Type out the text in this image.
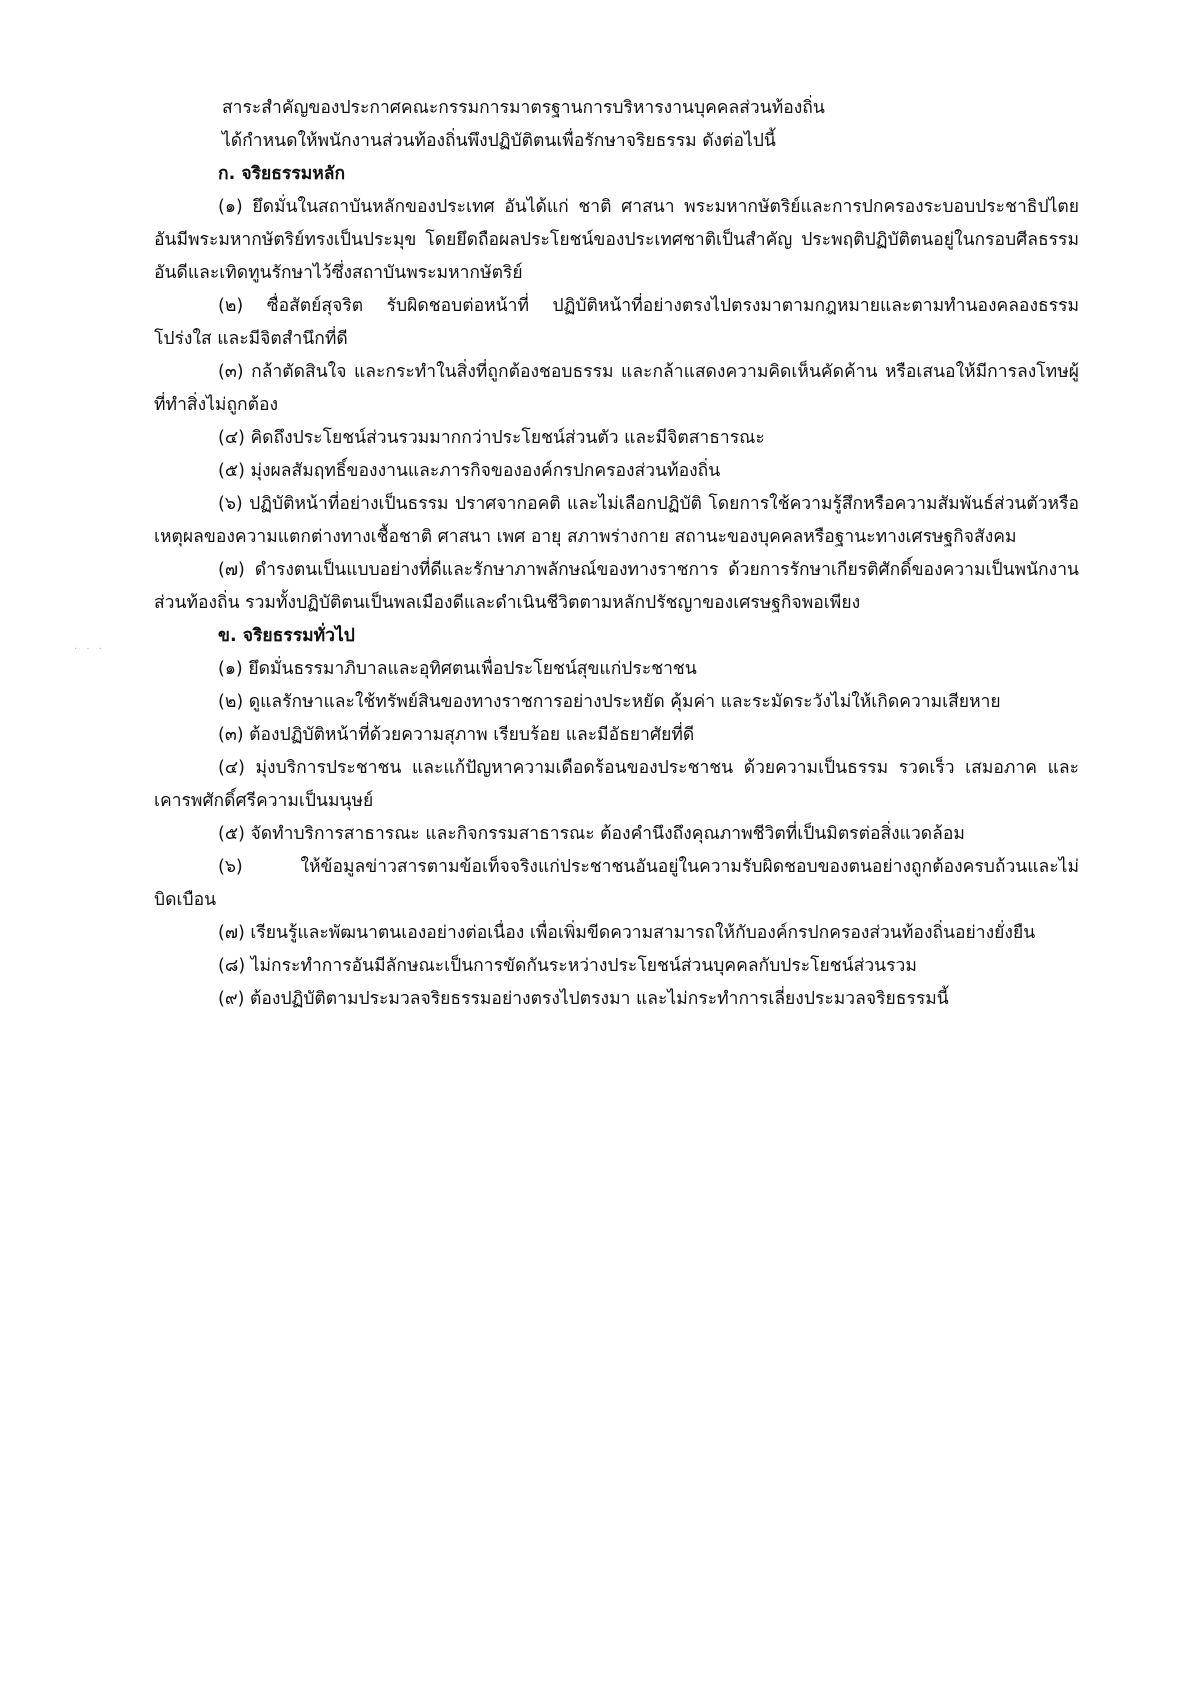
· · ·

สาระสำคัญของประกาศคณะกรรมการมาตรฐานการบริหารงานบุคคลส่วนท้องถิ่น

ได้กำหนดให้พนักงานส่วนท้องถิ่นพึงปฏิบัติตนเพื่อรักษาจริยธรรม ดังต่อไปนี้

ก. จริยธรรมหลัก

(๑) ยึดมั่นในสถาบันหลักของประเทศ อันได้แก่ ชาติ ศาสนา พระมหากษัตริย์และการปกครองระบอบประชาธิปไตยอันมีพระมหากษัตริย์ทรงเป็นประมุข โดยยึดถือผลประโยชน์ของประเทศชาติเป็นสำคัญ ประพฤติปฏิบัติตนอยู่ในกรอบศีลธรรมอันดีและเทิดทูนรักษาไว้ซึ่งสถาบันพระมหากษัตริย์

(๒) ซื่อสัตย์สุจริต รับผิดชอบต่อหน้าที่ ปฏิบัติหน้าที่อย่างตรงไปตรงมาตามกฎหมายและตามทำนองคลองธรรม โปร่งใส และมีจิตสำนึกที่ดี

(๓) กล้าตัดสินใจ และกระทำในสิ่งที่ถูกต้องชอบธรรม และกล้าแสดงความคิดเห็นคัดค้าน หรือเสนอให้มีการลงโทษผู้ที่ทำสิ่งไม่ถูกต้อง

(๔) คิดถึงประโยชน์ส่วนรวมมากกว่าประโยชน์ส่วนตัว และมีจิตสาธารณะ

(๕) มุ่งผลสัมฤทธิ์ของงานและภารกิจขององค์กรปกครองส่วนท้องถิ่น

(๖) ปฏิบัติหน้าที่อย่างเป็นธรรม ปราศจากอคติ และไม่เลือกปฏิบัติ โดยการใช้ความรู้สึกหรือความสัมพันธ์ส่วนตัวหรือเหตุผลของความแตกต่างทางเชื้อชาติ ศาสนา เพศ อายุ สภาพร่างกาย สถานะของบุคคลหรือฐานะทางเศรษฐกิจสังคม

(๗) ดำรงตนเป็นแบบอย่างที่ดีและรักษาภาพลักษณ์ของทางราชการ ด้วยการรักษาเกียรติศักดิ์ของความเป็นพนักงานส่วนท้องถิ่น รวมทั้งปฏิบัติตนเป็นพลเมืองดีและดำเนินชีวิตตามหลักปรัชญาของเศรษฐกิจพอเพียง

ข. จริยธรรมทั่วไป

(๑) ยึดมั่นธรรมาภิบาลและอุทิศตนเพื่อประโยชน์สุขแก่ประชาชน

(๒) ดูแลรักษาและใช้ทรัพย์สินของทางราชการอย่างประหยัด คุ้มค่า และระมัดระวังไม่ให้เกิดความเสียหาย

(๓) ต้องปฏิบัติหน้าที่ด้วยความสุภาพ เรียบร้อย และมีอัธยาศัยที่ดี

(๔) มุ่งบริการประชาชน และแก้ปัญหาความเดือดร้อนของประชาชน ด้วยความเป็นธรรม รวดเร็ว เสมอภาค และเคารพศักดิ์ศรีความเป็นมนุษย์

(๕) จัดทำบริการสาธารณะ และกิจกรรมสาธารณะ ต้องคำนึงถึงคุณภาพชีวิตที่เป็นมิตรต่อสิ่งแวดล้อม

(๖) ให้ข้อมูลข่าวสารตามข้อเท็จจริงแก่ประชาชนอันอยู่ในความรับผิดชอบของตนอย่างถูกต้องครบถ้วนและไม่บิดเบือน

(๗) เรียนรู้และพัฒนาตนเองอย่างต่อเนื่อง เพื่อเพิ่มขีดความสามารถให้กับองค์กรปกครองส่วนท้องถิ่นอย่างยั่งยืน

(๘) ไม่กระทำการอันมีลักษณะเป็นการขัดกันระหว่างประโยชน์ส่วนบุคคลกับประโยชน์ส่วนรวม

(๙) ต้องปฏิบัติตามประมวลจริยธรรมอย่างตรงไปตรงมา และไม่กระทำการเลี่ยงประมวลจริยธรรมนี้
